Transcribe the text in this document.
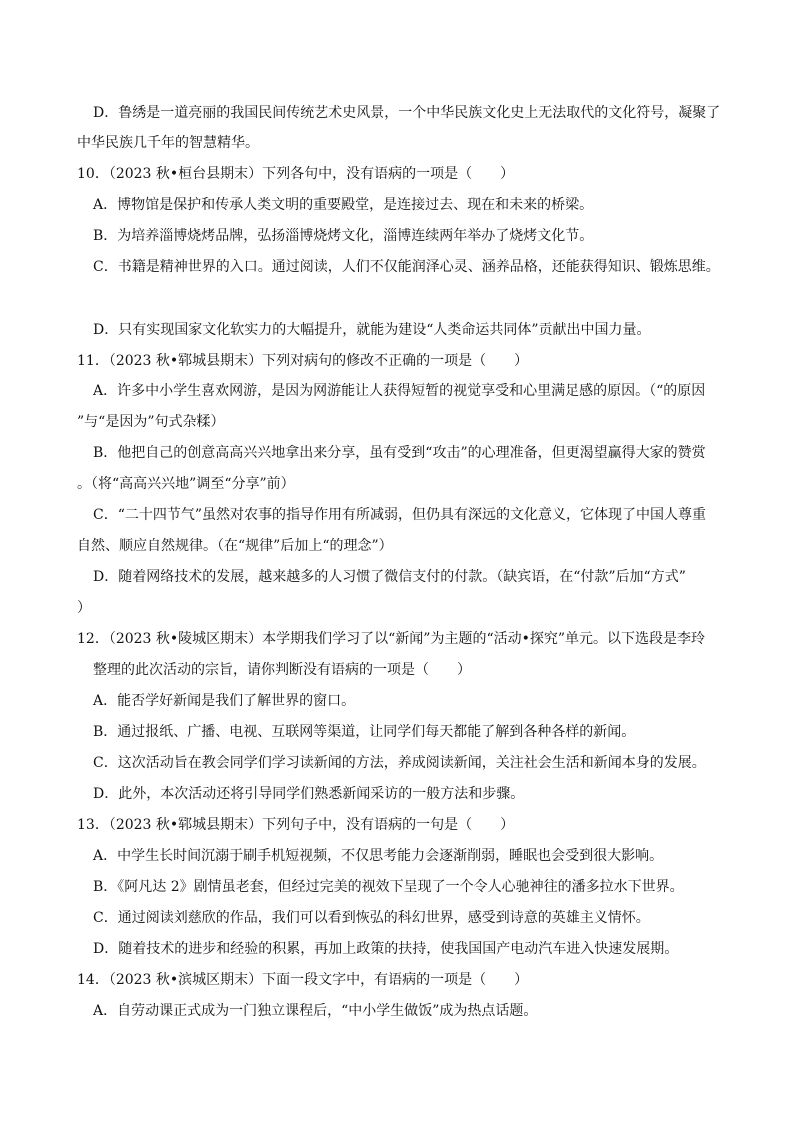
D．鲁绣是一道亮丽的我国民间传统艺术史风景，一个中华民族文化史上无法取代的文化符号，凝聚了
中华民族几千年的智慧精华。
10．（2023 秋•桓台县期末）下列各句中，没有语病的一项是（　　）
A．博物馆是保护和传承人类文明的重要殿堂，是连接过去、现在和未来的桥梁。
B．为培养淄博烧烤品牌，弘扬淄博烧烤文化，淄博连续两年举办了烧烤文化节。
C．书籍是精神世界的入口。通过阅读，人们不仅能润泽心灵、涵养品格，还能获得知识、锻炼思维。
D．只有实现国家文化软实力的大幅提升，就能为建设“人类命运共同体”贡献出中国力量。
11．（2023 秋•郓城县期末）下列对病句的修改不正确的一项是（　　）
A．许多中小学生喜欢网游，是因为网游能让人获得短暂的视觉享受和心里满足感的原因。（“的原因
”与“是因为”句式杂糅）
B．他把自己的创意高高兴兴地拿出来分享，虽有受到“攻击”的心理准备，但更渴望赢得大家的赞赏
。（将“高高兴兴地”调至“分享”前）
C．“二十四节气”虽然对农事的指导作用有所减弱，但仍具有深远的文化意义，它体现了中国人尊重
自然、顺应自然规律。（在“规律”后加上“的理念”）
D．随着网络技术的发展，越来越多的人习惯了微信支付的付款。（缺宾语，在“付款”后加“方式”
）
12．（2023 秋•陵城区期末）本学期我们学习了以“新闻”为主题的“活动•探究”单元。以下选段是李玲
整理的此次活动的宗旨，请你判断没有语病的一项是（　　）
A．能否学好新闻是我们了解世界的窗口。
B．通过报纸、广播、电视、互联网等渠道，让同学们每天都能了解到各种各样的新闻。
C．这次活动旨在教会同学们学习读新闻的方法，养成阅读新闻，关注社会生活和新闻本身的发展。
D．此外，本次活动还将引导同学们熟悉新闻采访的一般方法和步骤。
13．（2023 秋•郓城县期末）下列句子中，没有语病的一句是（　　）
A．中学生长时间沉溺于刷手机短视频，不仅思考能力会逐渐削弱，睡眠也会受到很大影响。
B．《阿凡达 2》剧情虽老套，但经过完美的视效下呈现了一个令人心驰神往的潘多拉水下世界。
C．通过阅读刘慈欣的作品，我们可以看到恢弘的科幻世界，感受到诗意的英雄主义情怀。
D．随着技术的进步和经验的积累，再加上政策的扶持，使我国国产电动汽车进入快速发展期。
14．（2023 秋•滨城区期末）下面一段文字中，有语病的一项是（　　）
A．自劳动课正式成为一门独立课程后，“中小学生做饭”成为热点话题。
